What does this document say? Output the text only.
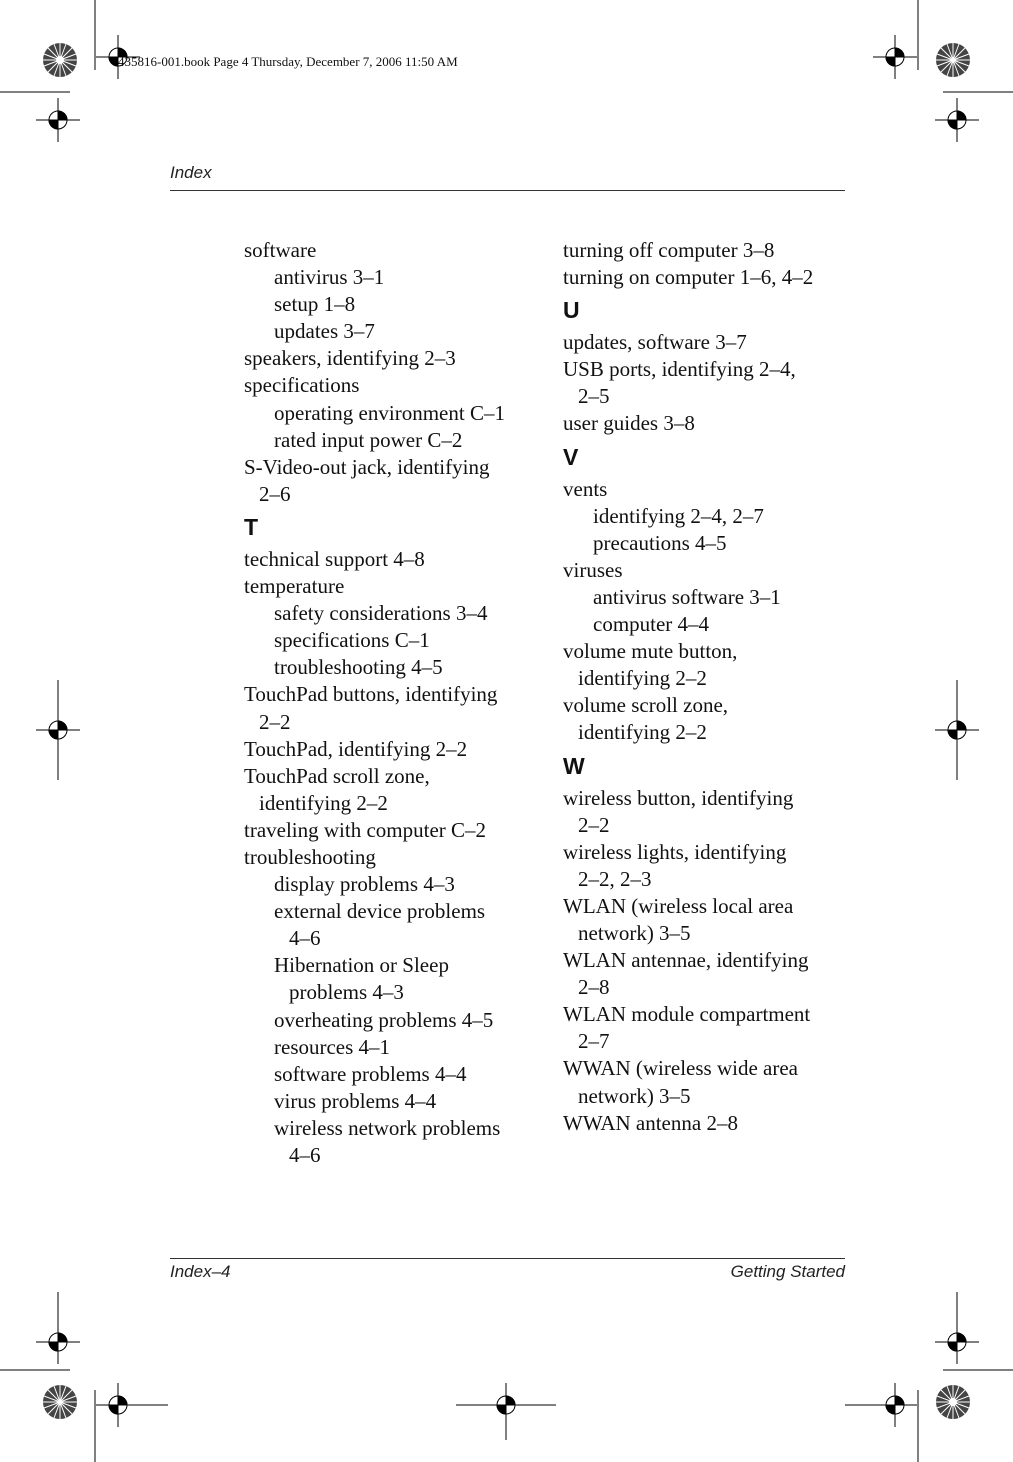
435816-001.book Page 4 Thursday, December 7, 2006 11:50 AM
Index
software
antivirus 3–1
setup 1–8
updates 3–7
speakers, identifying 2–3
specifications
operating environment C–1
rated input power C–2
S-Video-out jack, identifying
2–6
T
technical support 4–8
temperature
safety considerations 3–4
specifications C–1
troubleshooting 4–5
TouchPad buttons, identifying
2–2
TouchPad, identifying 2–2
TouchPad scroll zone,
identifying 2–2
traveling with computer C–2
troubleshooting
display problems 4–3
external device problems
4–6
Hibernation or Sleep
problems 4–3
overheating problems 4–5
resources 4–1
software problems 4–4
virus problems 4–4
wireless network problems
4–6
turning off computer 3–8
turning on computer 1–6, 4–2
U
updates, software 3–7
USB ports, identifying 2–4,
2–5
user guides 3–8
V
vents
identifying 2–4, 2–7
precautions 4–5
viruses
antivirus software 3–1
computer 4–4
volume mute button,
identifying 2–2
volume scroll zone,
identifying 2–2
W
wireless button, identifying
2–2
wireless lights, identifying
2–2, 2–3
WLAN (wireless local area
network) 3–5
WLAN antennae, identifying
2–8
WLAN module compartment
2–7
WWAN (wireless wide area
network) 3–5
WWAN antenna 2–8
Index–4	Getting Started
